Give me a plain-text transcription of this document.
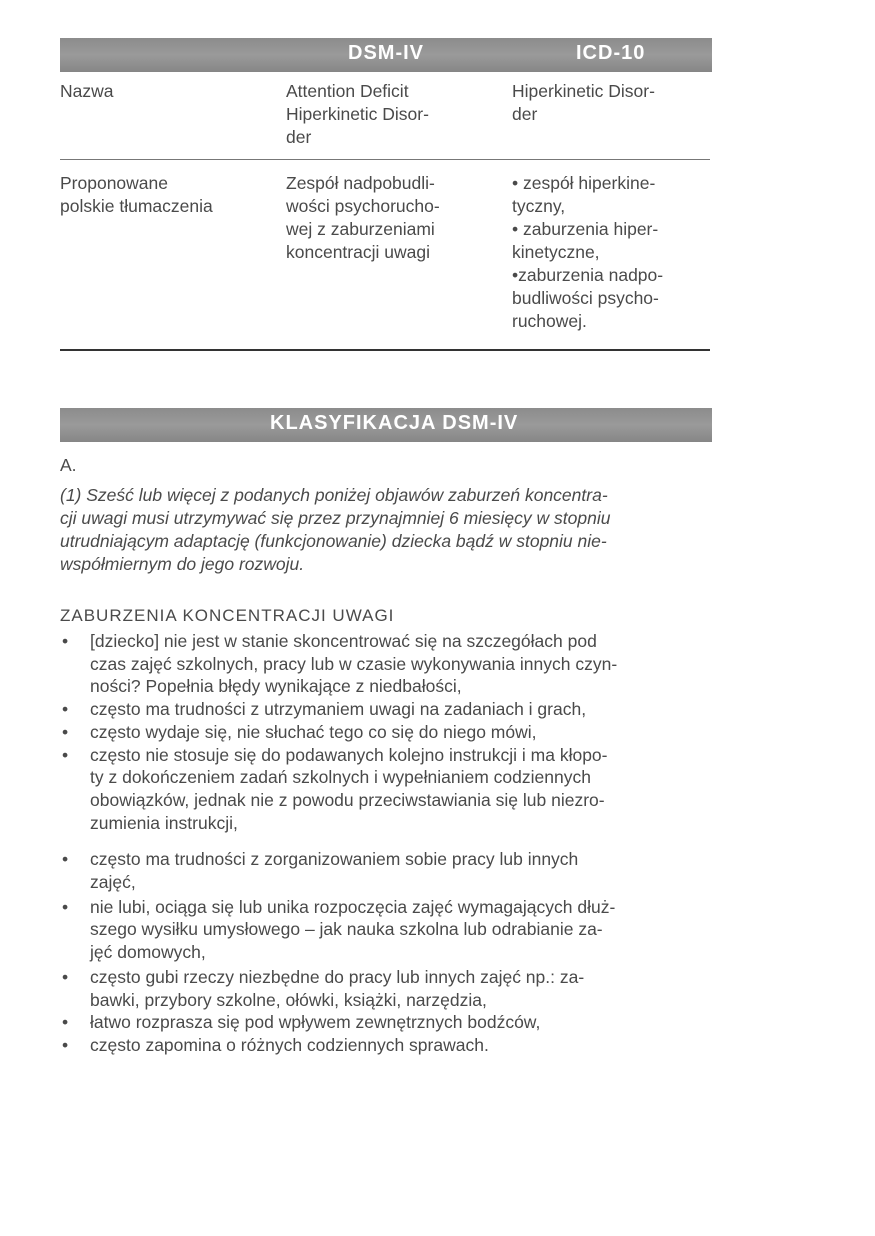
DSM-IV	ICD-10
Nazwa	Attention Deficit
Hiperkinetic Disor-
der
Hiperkinetic Disor-
der
Proponowane
polskie tłumaczenia
Zespół nadpobudli-
wości psychorucho-
wej z zaburzeniami
koncentracji uwagi
• zespół hiperkine-
tyczny,
• zaburzenia hiper-
kinetyczne,
•zaburzenia nadpo-
budliwości psycho-
ruchowej.
KLASYFIKACJA DSM-IV
A.
(1) Sześć lub więcej z podanych poniżej objawów zaburzeń koncentra-
cji uwagi musi utrzymywać się przez przynajmniej 6 miesięcy w stopniu
utrudniającym adaptację (funkcjonowanie) dziecka bądź w stopniu nie-
współmiernym do jego rozwoju.
ZABURZENIA KONCENTRACJI UWAGI
• [dziecko] nie jest w stanie skoncentrować się na szczegółach pod
czas zajęć szkolnych, pracy lub w czasie wykonywania innych czyn-
ności? Popełnia błędy wynikające z niedbałości,
• często ma trudności z utrzymaniem uwagi na zadaniach i grach,
• często wydaje się, nie słuchać tego co się do niego mówi,
• często nie stosuje się do podawanych kolejno instrukcji i ma kłopo-
ty z dokończeniem zadań szkolnych i wypełnianiem codziennych
obowiązków, jednak nie z powodu przeciwstawiania się lub niezro-
zumienia instrukcji,
• często ma trudności z zorganizowaniem sobie pracy lub innych
zajęć,
• nie lubi, ociąga się lub unika rozpoczęcia zajęć wymagających dłuż-
szego wysiłku umysłowego – jak nauka szkolna lub odrabianie za-
jęć domowych,
• często gubi rzeczy niezbędne do pracy lub innych zajęć np.: za-
bawki, przybory szkolne, ołówki, książki, narzędzia,
• łatwo rozprasza się pod wpływem zewnętrznych bodźców,
• często zapomina o różnych codziennych sprawach.
